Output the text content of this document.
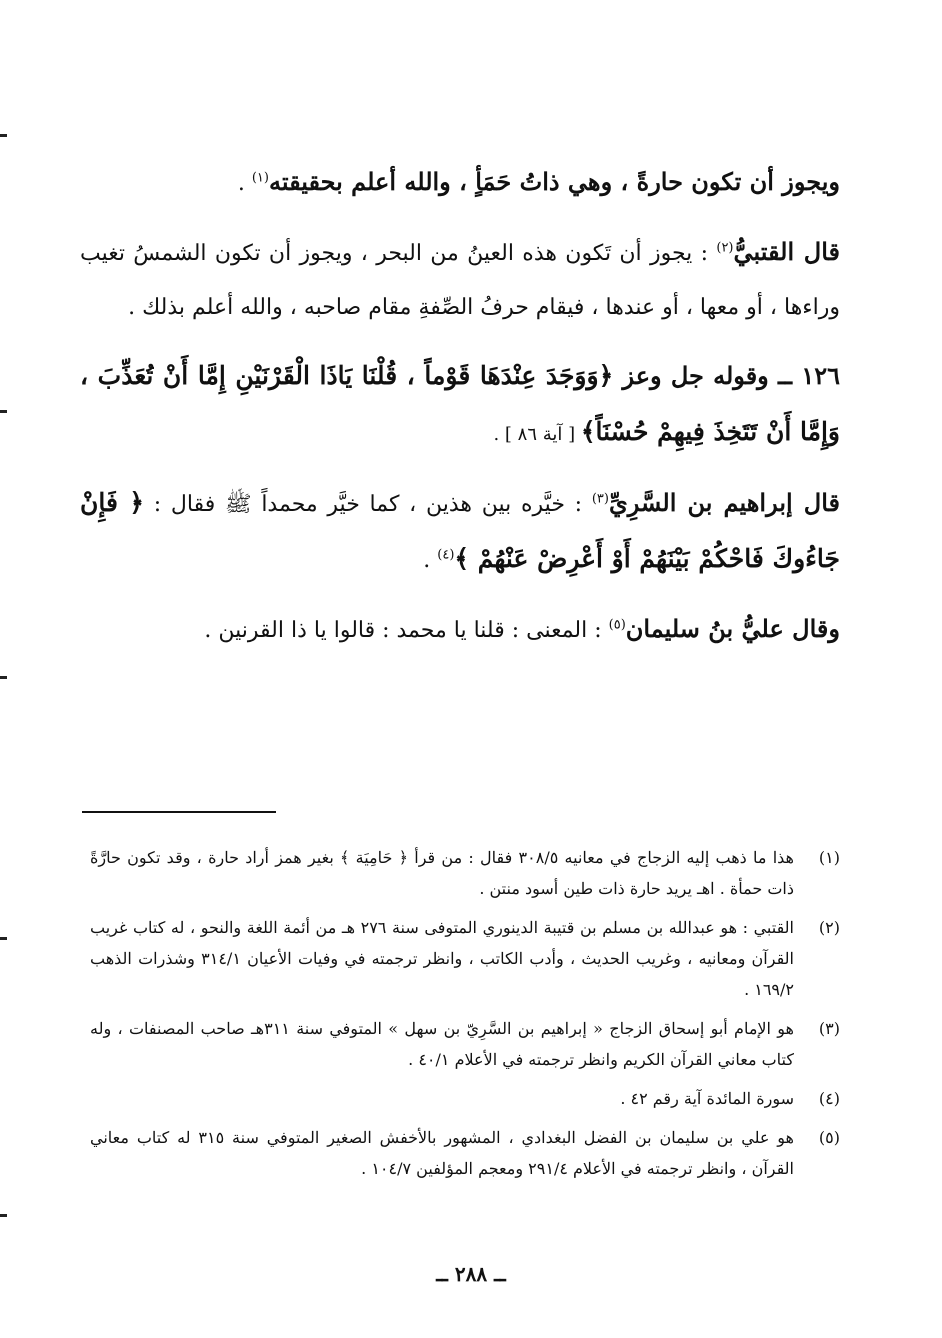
ويجوز أن تكون حارةً ، وهي ذاتُ حَمَأٍ ، والله أعلم بحقيقته$^{(١)}$ .

قال القتبيُّ$^{(٢)}$ : يجوز أن تَكون هذه العينُ من البحر ، ويجوز أن تكون الشمسُ تغيب وراءها ، أو معها ، أو عندها ، فيقام حرفُ الصِّفةِ مقام صاحبه ، والله أعلم بذلك .

١٢٦ ــ وقوله جل وعز ﴿وَوَجَدَ عِنْدَهَا قَوْماً ، قُلْنَا يَاذَا الْقَرْنَيْنِ إِمَّا أَنْ تُعَذِّبَ ، وَإِمَّا أَنْ تَتَخِذَ فِيهِمْ حُسْنَاً﴾ [ آية ٨٦ ] .

قال إبراهيم بن السَّرِيِّ$^{(٣)}$ : خيَّره بين هذين ، كما خيَّر محمداً ﷺ فقال : ﴿ فَإِنْ جَاءُوكَ فَاحْكُمْ بَيْنَهُمْ أَوْ أَعْرِضْ عَنْهُمْ ﴾$^{(٤)}$ .

وقال عليُّ بنُ سليمان$^{(٥)}$ : المعنى : قلنا يا محمد : قالوا يا ذا القرنين .

(١)
هذا ما ذهب إليه الزجاج في معانيه ٣٠٨/٥ فقال : من قرأ ﴿ حَامِيَة ﴾ بغير همز أراد حارة ، وقد تكون حارَّةً ذات حمأة . اهـ يريد حارة ذات طين أسود منتن .
(٢)
القتبي : هو عبدالله بن مسلم بن قتيبة الدينوري المتوفى سنة ٢٧٦ هـ من أئمة اللغة والنحو ، له كتاب غريب القرآن ومعانيه ، وغريب الحديث ، وأدب الكاتب ، وانظر ترجمته في وفيات الأعيان ٣١٤/١ وشذرات الذهب ١٦٩/٢ .
(٣)
هو الإمام أبو إسحاق الزجاج « إبراهيم بن السَّرِيّ بن سهل » المتوفي سنة ٣١١هـ صاحب المصنفات ، وله كتاب معاني القرآن الكريم وانظر ترجمته في الأعلام ٤٠/١ .
(٤)
سورة المائدة آية رقم ٤٢ .
(٥)
هو علي بن سليمان بن الفضل البغدادي ، المشهور بالأخفش الصغير المتوفي سنة ٣١٥ له كتاب معاني القرآن ، وانظر ترجمته في الأعلام ٢٩١/٤ ومعجم المؤلفين ١٠٤/٧ .
ــ ٢٨٨ ــ
